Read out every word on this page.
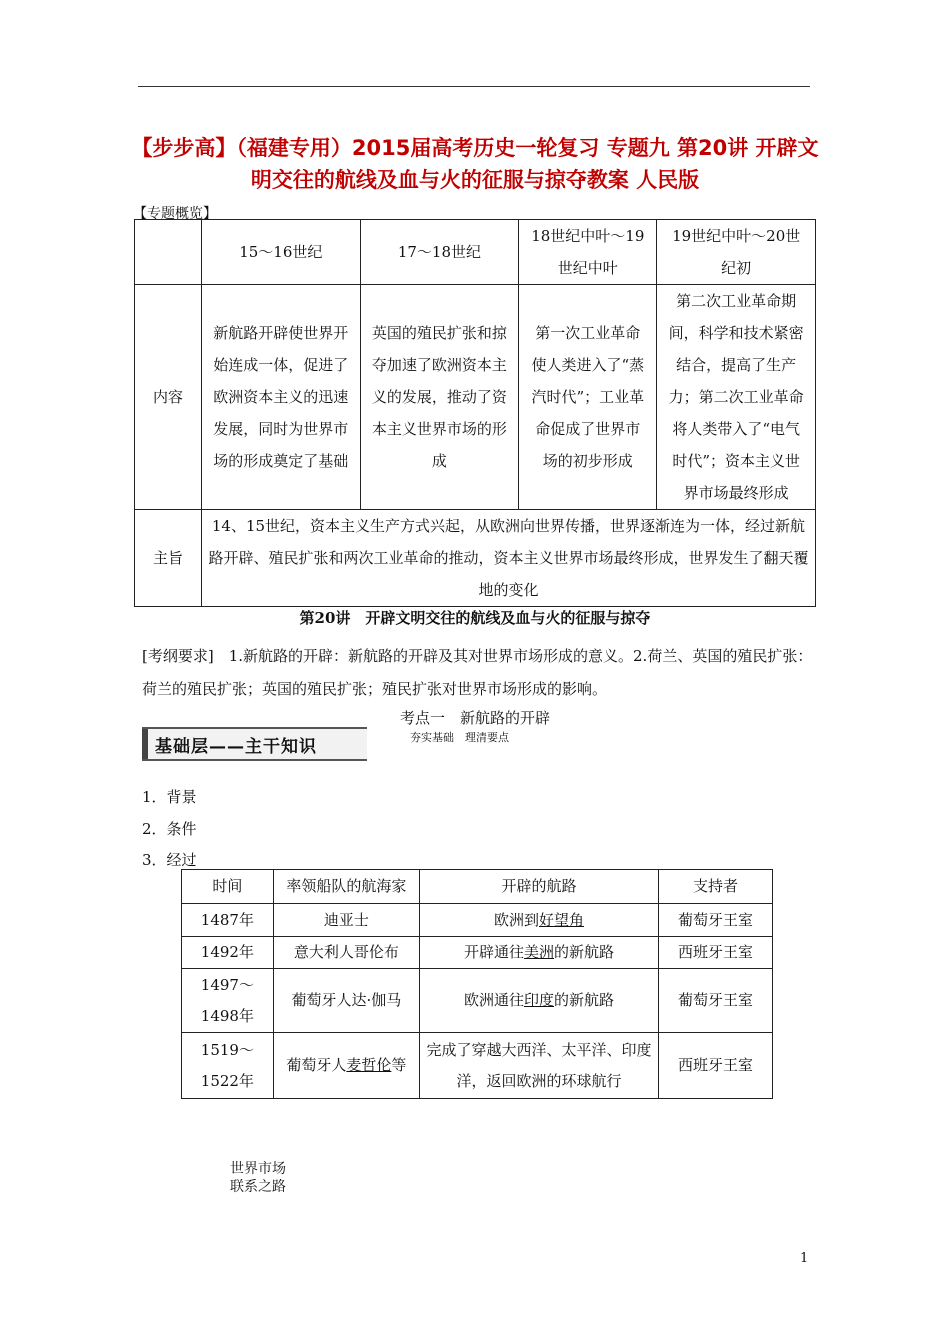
【步步高】（福建专用）2015届高考历史一轮复习 专题九 第20讲 开辟文明交往的航线及血与火的征服与掠夺教案 人民版
【专题概览】
	15～16世纪	17～18世纪	18世纪中叶～19世纪中叶	19世纪中叶～20世纪初
内容	新航路开辟使世界开始连成一体，促进了欧洲资本主义的迅速发展，同时为世界市场的形成奠定了基础	英国的殖民扩张和掠夺加速了欧洲资本主义的发展，推动了资本主义世界市场的形成	第一次工业革命使人类进入了“蒸汽时代”；工业革命促成了世界市场的初步形成	第二次工业革命期间，科学和技术紧密结合，提高了生产力；第二次工业革命将人类带入了“电气时代”；资本主义世界市场最终形成
主旨	14、15世纪，资本主义生产方式兴起，从欧洲向世界传播，世界逐渐连为一体，经过新航路开辟、殖民扩张和两次工业革命的推动，资本主义世界市场最终形成，世界发生了翻天覆地的变化			
第20讲　开辟文明交往的航线及血与火的征服与掠夺
[考纲要求]　1.新航路的开辟：新航路的开辟及其对世界市场形成的意义。2.荷兰、英国的殖民扩张：荷兰的殖民扩张；英国的殖民扩张；殖民扩张对世界市场形成的影响。
考点一　新航路的开辟
基础层——主干知识	夯实基础　理清要点
1．背景
2．条件
3．经过
时间	率领船队的航海家	开辟的航路	支持者
1487年	迪亚士	欧洲到好望角	葡萄牙王室
1492年	意大利人哥伦布	开辟通往美洲的新航路	西班牙王室
1497～1498年	葡萄牙人达·伽马	欧洲通往印度的新航路	葡萄牙王室
1519～1522年	葡萄牙人麦哲伦等	完成了穿越大西洋、太平洋、印度洋，返回欧洲的环球航行	西班牙王室
世界市场
联系之路
1
